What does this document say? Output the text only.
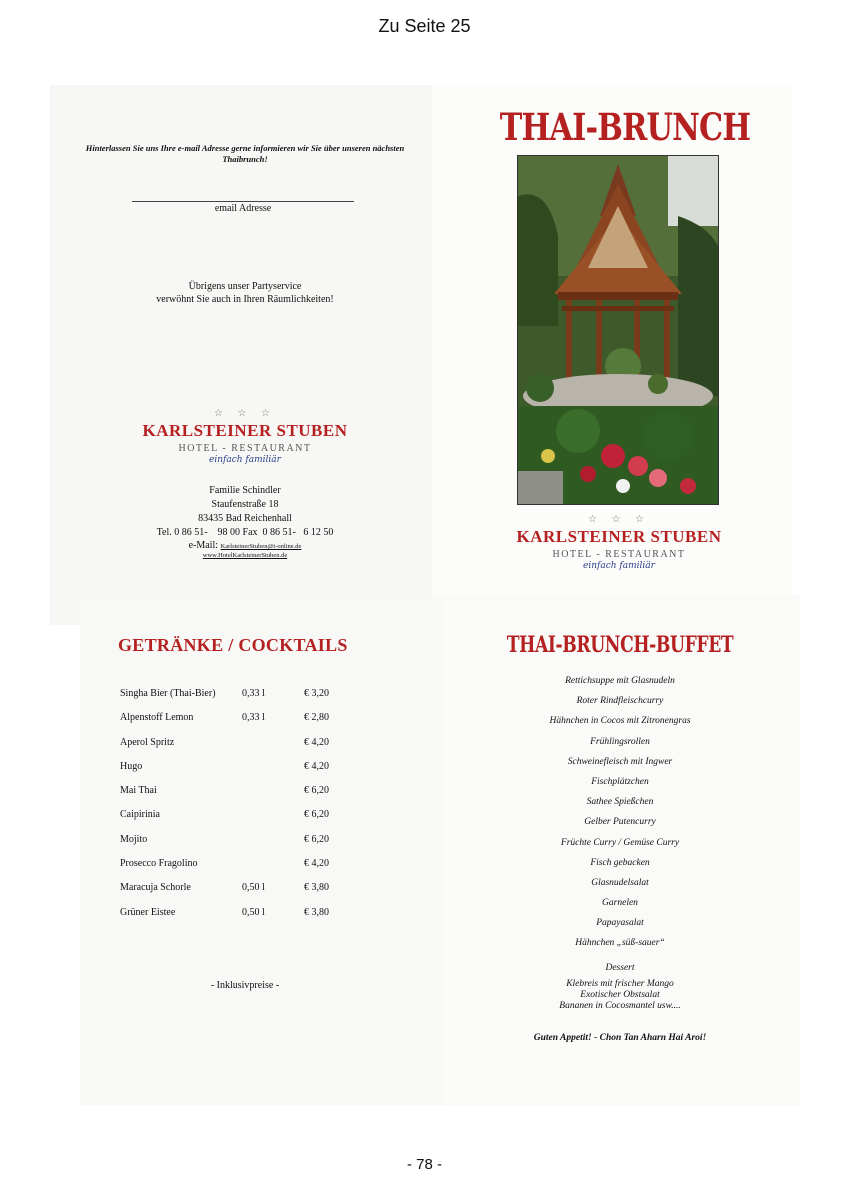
Zu Seite 25
Hinterlassen Sie uns Ihre e-mail Adresse gerne informieren wir Sie über unseren nächsten Thaibrunch!
email Adresse
Übrigens unser Partyservice
verwöhnt Sie auch in Ihren Räumlichkeiten!
☆ ☆ ☆
KARLSTEINER STUBEN
HOTEL - RESTAURANT
einfach familiär
Familie Schindler
Staufenstraße 18
83435 Bad Reichenhall
Tel. 0 86 51-    98 00 Fax  0 86 51-   6 12 50
e-Mail: KarlsteinerStuben@t-online.de
www.HotelKarlsteinerStuben.de
THAI-BRUNCH
☆ ☆ ☆
KARLSTEINER STUBEN
HOTEL - RESTAURANT
einfach familiär
GETRÄNKE / COCKTAILS
Singha Bier (Thai-Bier)	0,33 l	€ 3,20
Alpenstoff Lemon	0,33 l	€ 2,80
Aperol Spritz	€ 4,20
Hugo	€ 4,20
Mai Thai	€ 6,20
Caipirinia	€ 6,20
Mojito	€ 6,20
Prosecco Fragolino	€ 4,20
Maracuja Schorle	0,50 l	€ 3,80
Grüner Eistee	0,50 l	€ 3,80
- Inklusivpreise -
THAI-BRUNCH-BUFFET
Rettichsuppe mit Glasnudeln
Roter Rindfleischcurry
Hähnchen in Cocos mit Zitronengras
Frühlingsrollen
Schweinefleisch mit Ingwer
Fischplätzchen
Sathee Spießchen
Gelber Putencurry
Früchte Curry / Gemüse Curry
Fisch gebacken
Glasnudelsalat
Garnelen
Papayasalat
Hähnchen „süß-sauer“
Dessert
Klebreis mit frischer Mango
Exotischer Obstsalat
Bananen in Cocosmantel usw....
Guten Appetit! - Chon Tan Aharn Hai Aroi!
- 78 -
